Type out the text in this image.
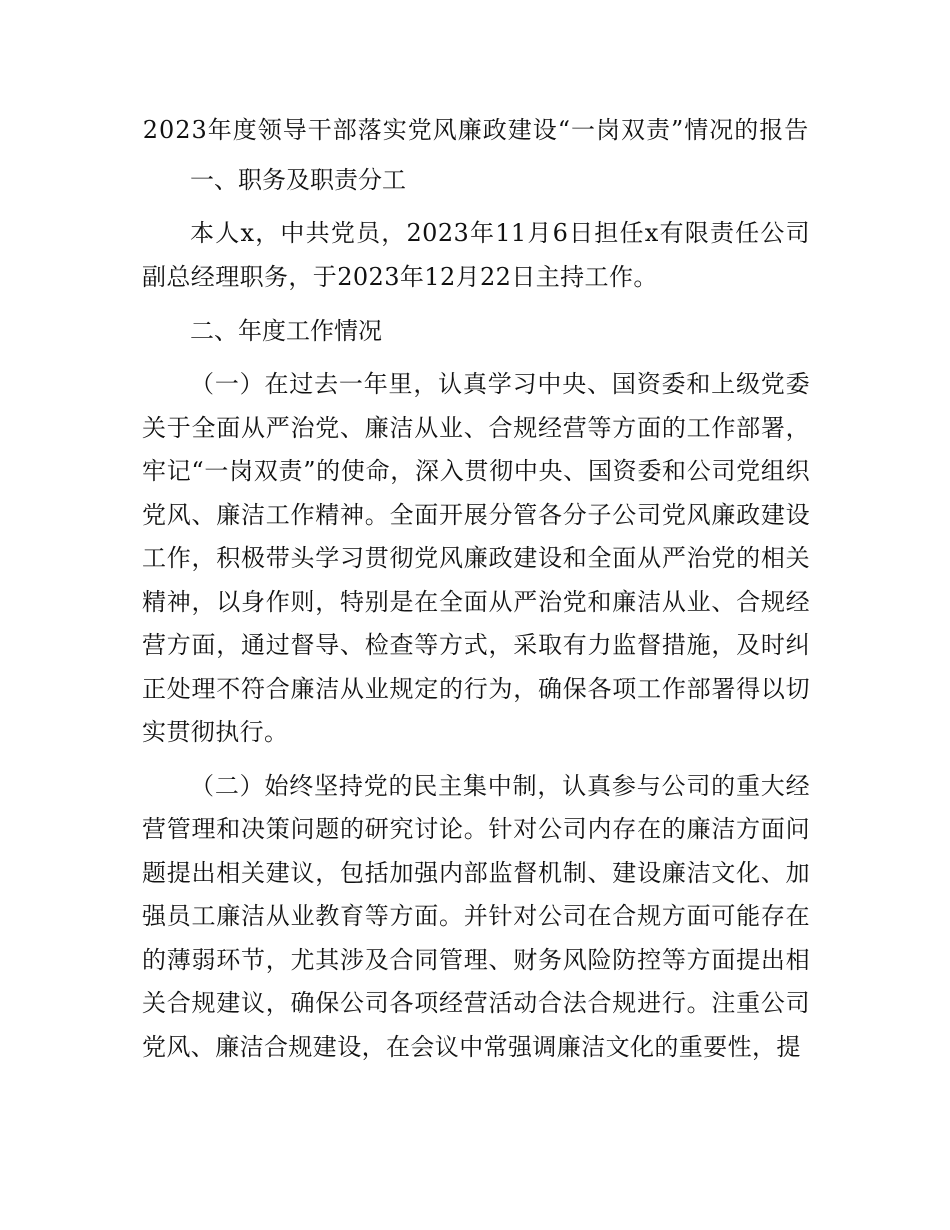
2023年度领导干部落实党风廉政建设“一岗双责”情况的报告

一、职务及职责分工

本人x，中共党员，2023年11月6日担任x有限责任公司副总经理职务，于2023年12月22日主持工作。

二、年度工作情况

（一）在过去一年里，认真学习中央、国资委和上级党委关于全面从严治党、廉洁从业、合规经营等方面的工作部署，牢记“一岗双责”的使命，深入贯彻中央、国资委和公司党组织党风、廉洁工作精神。全面开展分管各分子公司党风廉政建设工作，积极带头学习贯彻党风廉政建设和全面从严治党的相关精神，以身作则，特别是在全面从严治党和廉洁从业、合规经营方面，通过督导、检查等方式，采取有力监督措施，及时纠正处理不符合廉洁从业规定的行为，确保各项工作部署得以切实贯彻执行。

（二）始终坚持党的民主集中制，认真参与公司的重大经营管理和决策问题的研究讨论。针对公司内存在的廉洁方面问题提出相关建议，包括加强内部监督机制、建设廉洁文化、加强员工廉洁从业教育等方面。并针对公司在合规方面可能存在的薄弱环节，尤其涉及合同管理、财务风险防控等方面提出相关合规建议，确保公司各项经营活动合法合规进行。注重公司党风、廉洁合规建设，在会议中常强调廉洁文化的重要性，提
